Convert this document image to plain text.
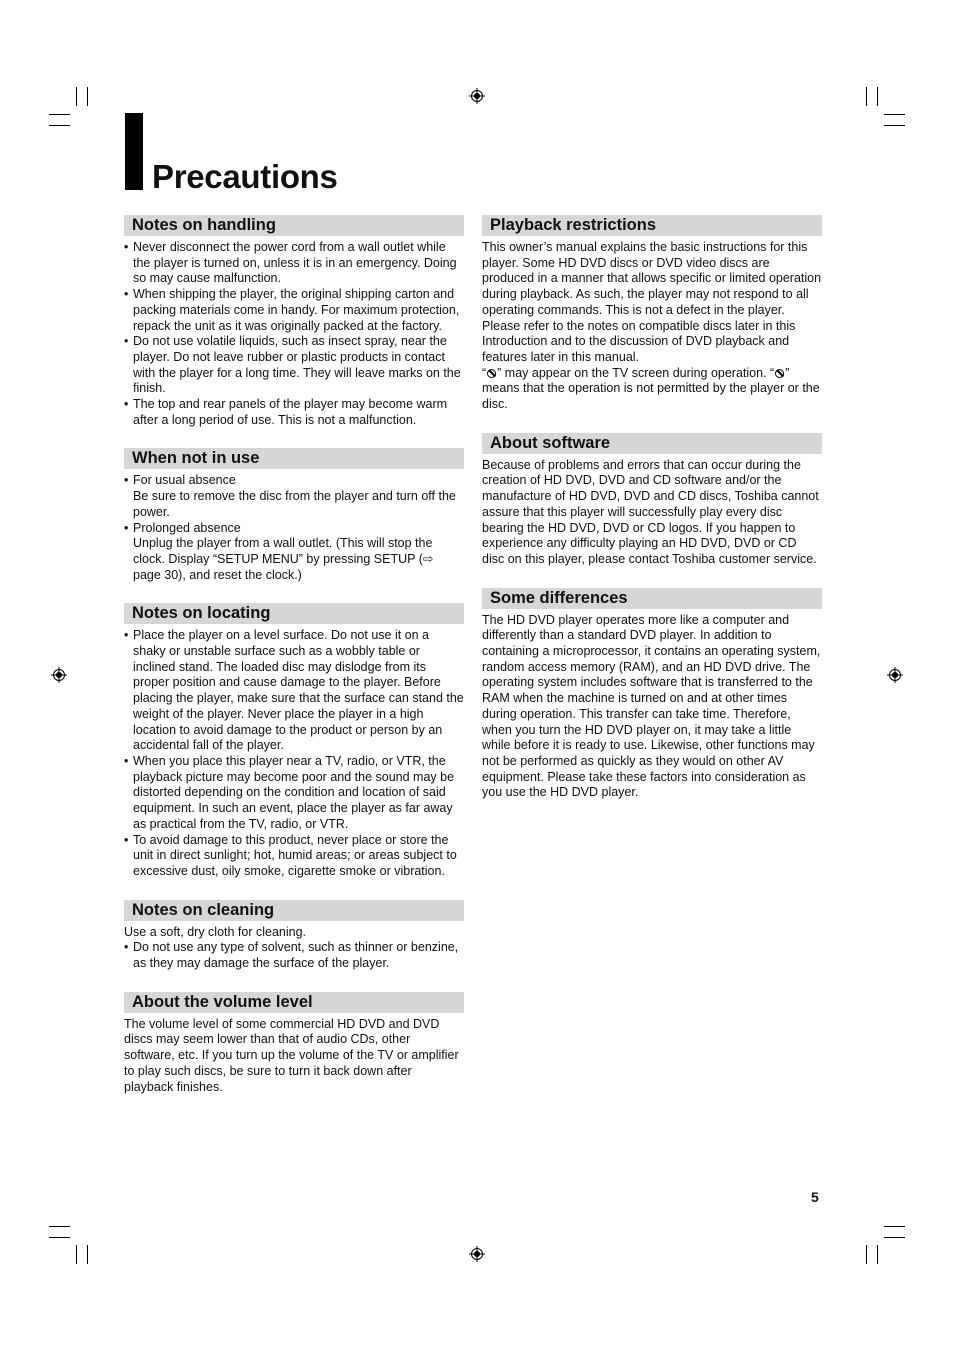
Precautions
Notes on handling
• Never disconnect the power cord from a wall outlet while the player is turned on, unless it is in an emergency. Doing so may cause malfunction.
• When shipping the player, the original shipping carton and packing materials come in handy. For maximum protection, repack the unit as it was originally packed at the factory.
• Do not use volatile liquids, such as insect spray, near the player. Do not leave rubber or plastic products in contact with the player for a long time. They will leave marks on the finish.
• The top and rear panels of the player may become warm after a long period of use. This is not a malfunction.
When not in use
• For usual absence
Be sure to remove the disc from the player and turn off the power.
• Prolonged absence
Unplug the player from a wall outlet. (This will stop the clock. Display “SETUP MENU” by pressing SETUP (⇨ page 30), and reset the clock.)
Notes on locating
• Place the player on a level surface. Do not use it on a shaky or unstable surface such as a wobbly table or inclined stand. The loaded disc may dislodge from its proper position and cause damage to the player. Before placing the player, make sure that the surface can stand the weight of the player. Never place the player in a high location to avoid damage to the product or person by an accidental fall of the player.
• When you place this player near a TV, radio, or VTR, the playback picture may become poor and the sound may be distorted depending on the condition and location of said equipment. In such an event, place the player as far away as practical from the TV, radio, or VTR.
• To avoid damage to this product, never place or store the unit in direct sunlight; hot, humid areas; or areas subject to excessive dust, oily smoke, cigarette smoke or vibration.
Notes on cleaning

Use a soft, dry cloth for cleaning.

• Do not use any type of solvent, such as thinner or benzine, as they may damage the surface of the player.
About the volume level

The volume level of some commercial HD DVD and DVD discs may seem lower than that of audio CDs, other software, etc. If you turn up the volume of the TV or amplifier to play such discs, be sure to turn it back down after playback finishes.

Playback restrictions

This owner’s manual explains the basic instructions for this player. Some HD DVD discs or DVD video discs are produced in a manner that allows specific or limited operation during playback. As such, the player may not respond to all operating commands. This is not a defect in the player. Please refer to the notes on compatible discs later in this Introduction and to the discussion of DVD playback and features later in this manual.

“ ” may appear on the TV screen during operation. “ ” means that the operation is not permitted by the player or the disc.

About software

Because of problems and errors that can occur during the creation of HD DVD, DVD and CD software and/or the manufacture of HD DVD, DVD and CD discs, Toshiba cannot assure that this player will successfully play every disc bearing the HD DVD, DVD or CD logos. If you happen to experience any difficulty playing an HD DVD, DVD or CD disc on this player, please contact Toshiba customer service.

Some differences

The HD DVD player operates more like a computer and differently than a standard DVD player. In addition to containing a microprocessor, it contains an operating system, random access memory (RAM), and an HD DVD drive. The operating system includes software that is transferred to the RAM when the machine is turned on and at other times during operation. This transfer can take time. Therefore, when you turn the HD DVD player on, it may take a little while before it is ready to use. Likewise, other functions may not be performed as quickly as they would on other AV equipment. Please take these factors into consideration as you use the HD DVD player.

5
